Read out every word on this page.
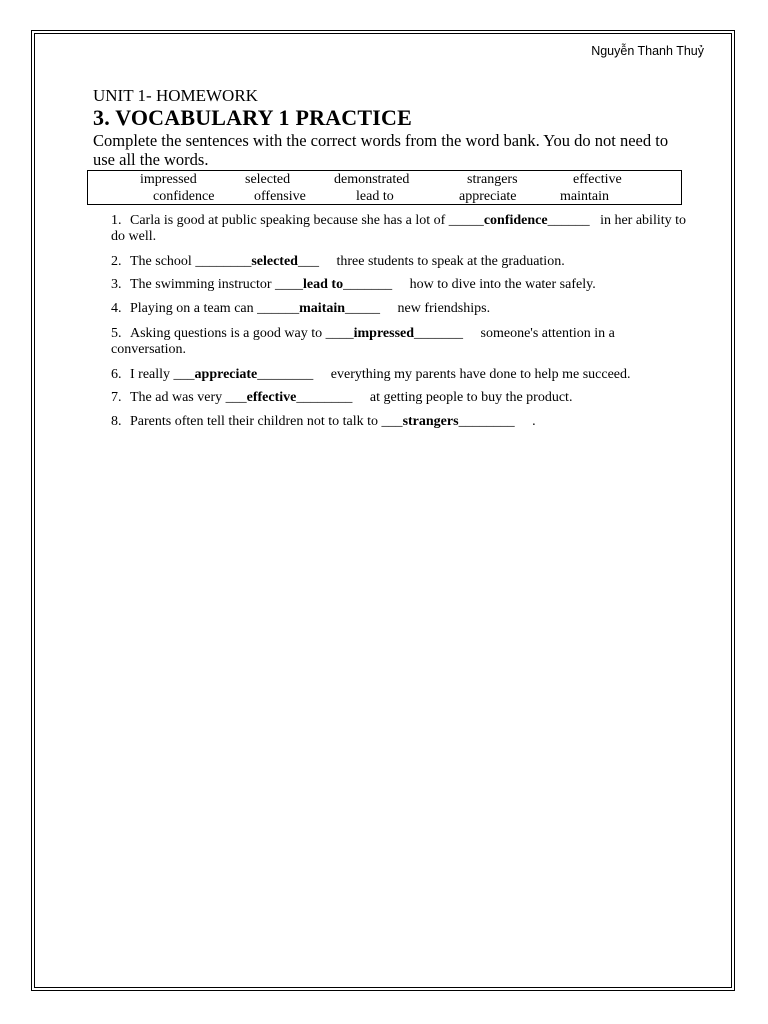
Nguyễn Thanh Thuỷ
UNIT 1- HOMEWORK
3. VOCABULARY 1 PRACTICE
Complete the sentences with the correct words from the word bank. You do not need to use all the words.
impressed	selected	demonstrated	strangers	effective
confidence	offensive	lead to	appreciate	maintain
1. Carla is good at public speaking because she has a lot of _____confidence______   in her ability to do well.
2. The school ________selected___     three students to speak at the graduation.
3. The swimming instructor ____lead to_______     how to dive into the water safely.
4. Playing on a team can ______maitain_____     new friendships.
5. Asking questions is a good way to ____impressed_______     someone's attention in a conversation.
6. I really ___appreciate________     everything my parents have done to help me succeed.
7. The ad was very ___effective________     at getting people to buy the product.
8. Parents often tell their children not to talk to ___strangers________     .
